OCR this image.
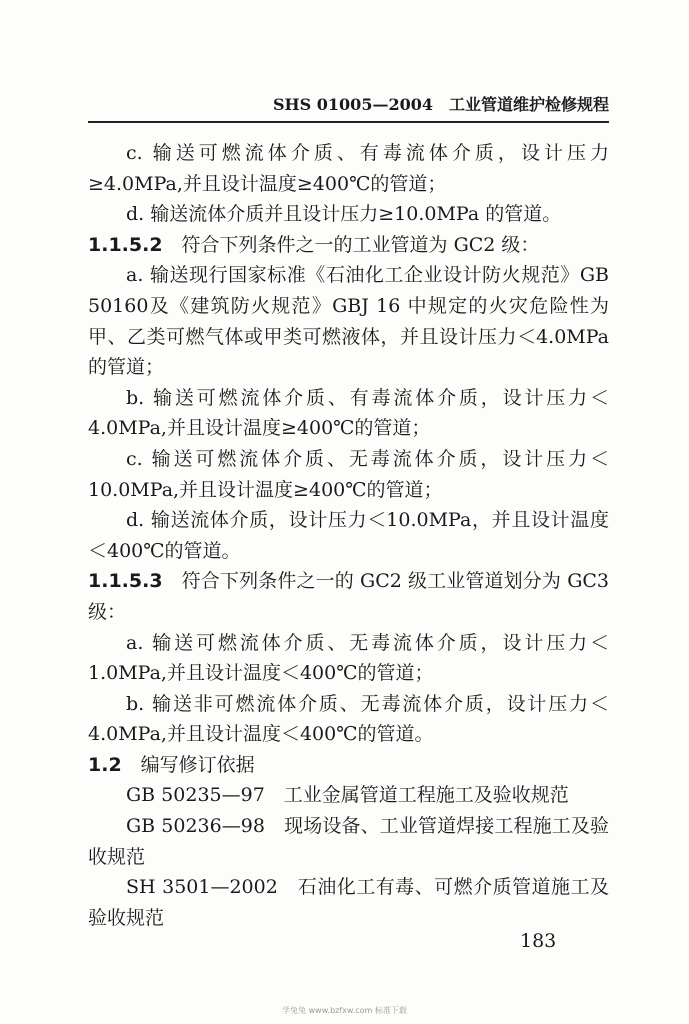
SHS 01005—2004 工业管道维护检修规程

c. 输送可燃流体介质、有毒流体介质，设计压力≥4.0MPa,并且设计温度≥400℃的管道；

d. 输送流体介质并且设计压力≥10.0MPa 的管道。

1.1.5.2  符合下列条件之一的工业管道为 GC2 级：

a. 输送现行国家标准《石油化工企业设计防火规范》GB 50160及《建筑防火规范》GBJ 16 中规定的火灾危险性为甲、乙类可燃气体或甲类可燃液体，并且设计压力＜4.0MPa 的管道；

b. 输送可燃流体介质、有毒流体介质，设计压力＜4.0MPa,并且设计温度≥400℃的管道；

c. 输送可燃流体介质、无毒流体介质，设计压力＜10.0MPa,并且设计温度≥400℃的管道；

d. 输送流体介质，设计压力＜10.0MPa，并且设计温度＜400℃的管道。

1.1.5.3  符合下列条件之一的 GC2 级工业管道划分为 GC3 级：

a. 输送可燃流体介质、无毒流体介质，设计压力＜1.0MPa,并且设计温度＜400℃的管道；

b. 输送非可燃流体介质、无毒流体介质，设计压力＜4.0MPa,并且设计温度＜400℃的管道。

1.2  编写修订依据

GB 50235—97　工业金属管道工程施工及验收规范

GB 50236—98　现场设备、工业管道焊接工程施工及验收规范

SH 3501—2002　石油化工有毒、可燃介质管道施工及验收规范

183
学兔兔 www.bzfxw.com 标准下载
